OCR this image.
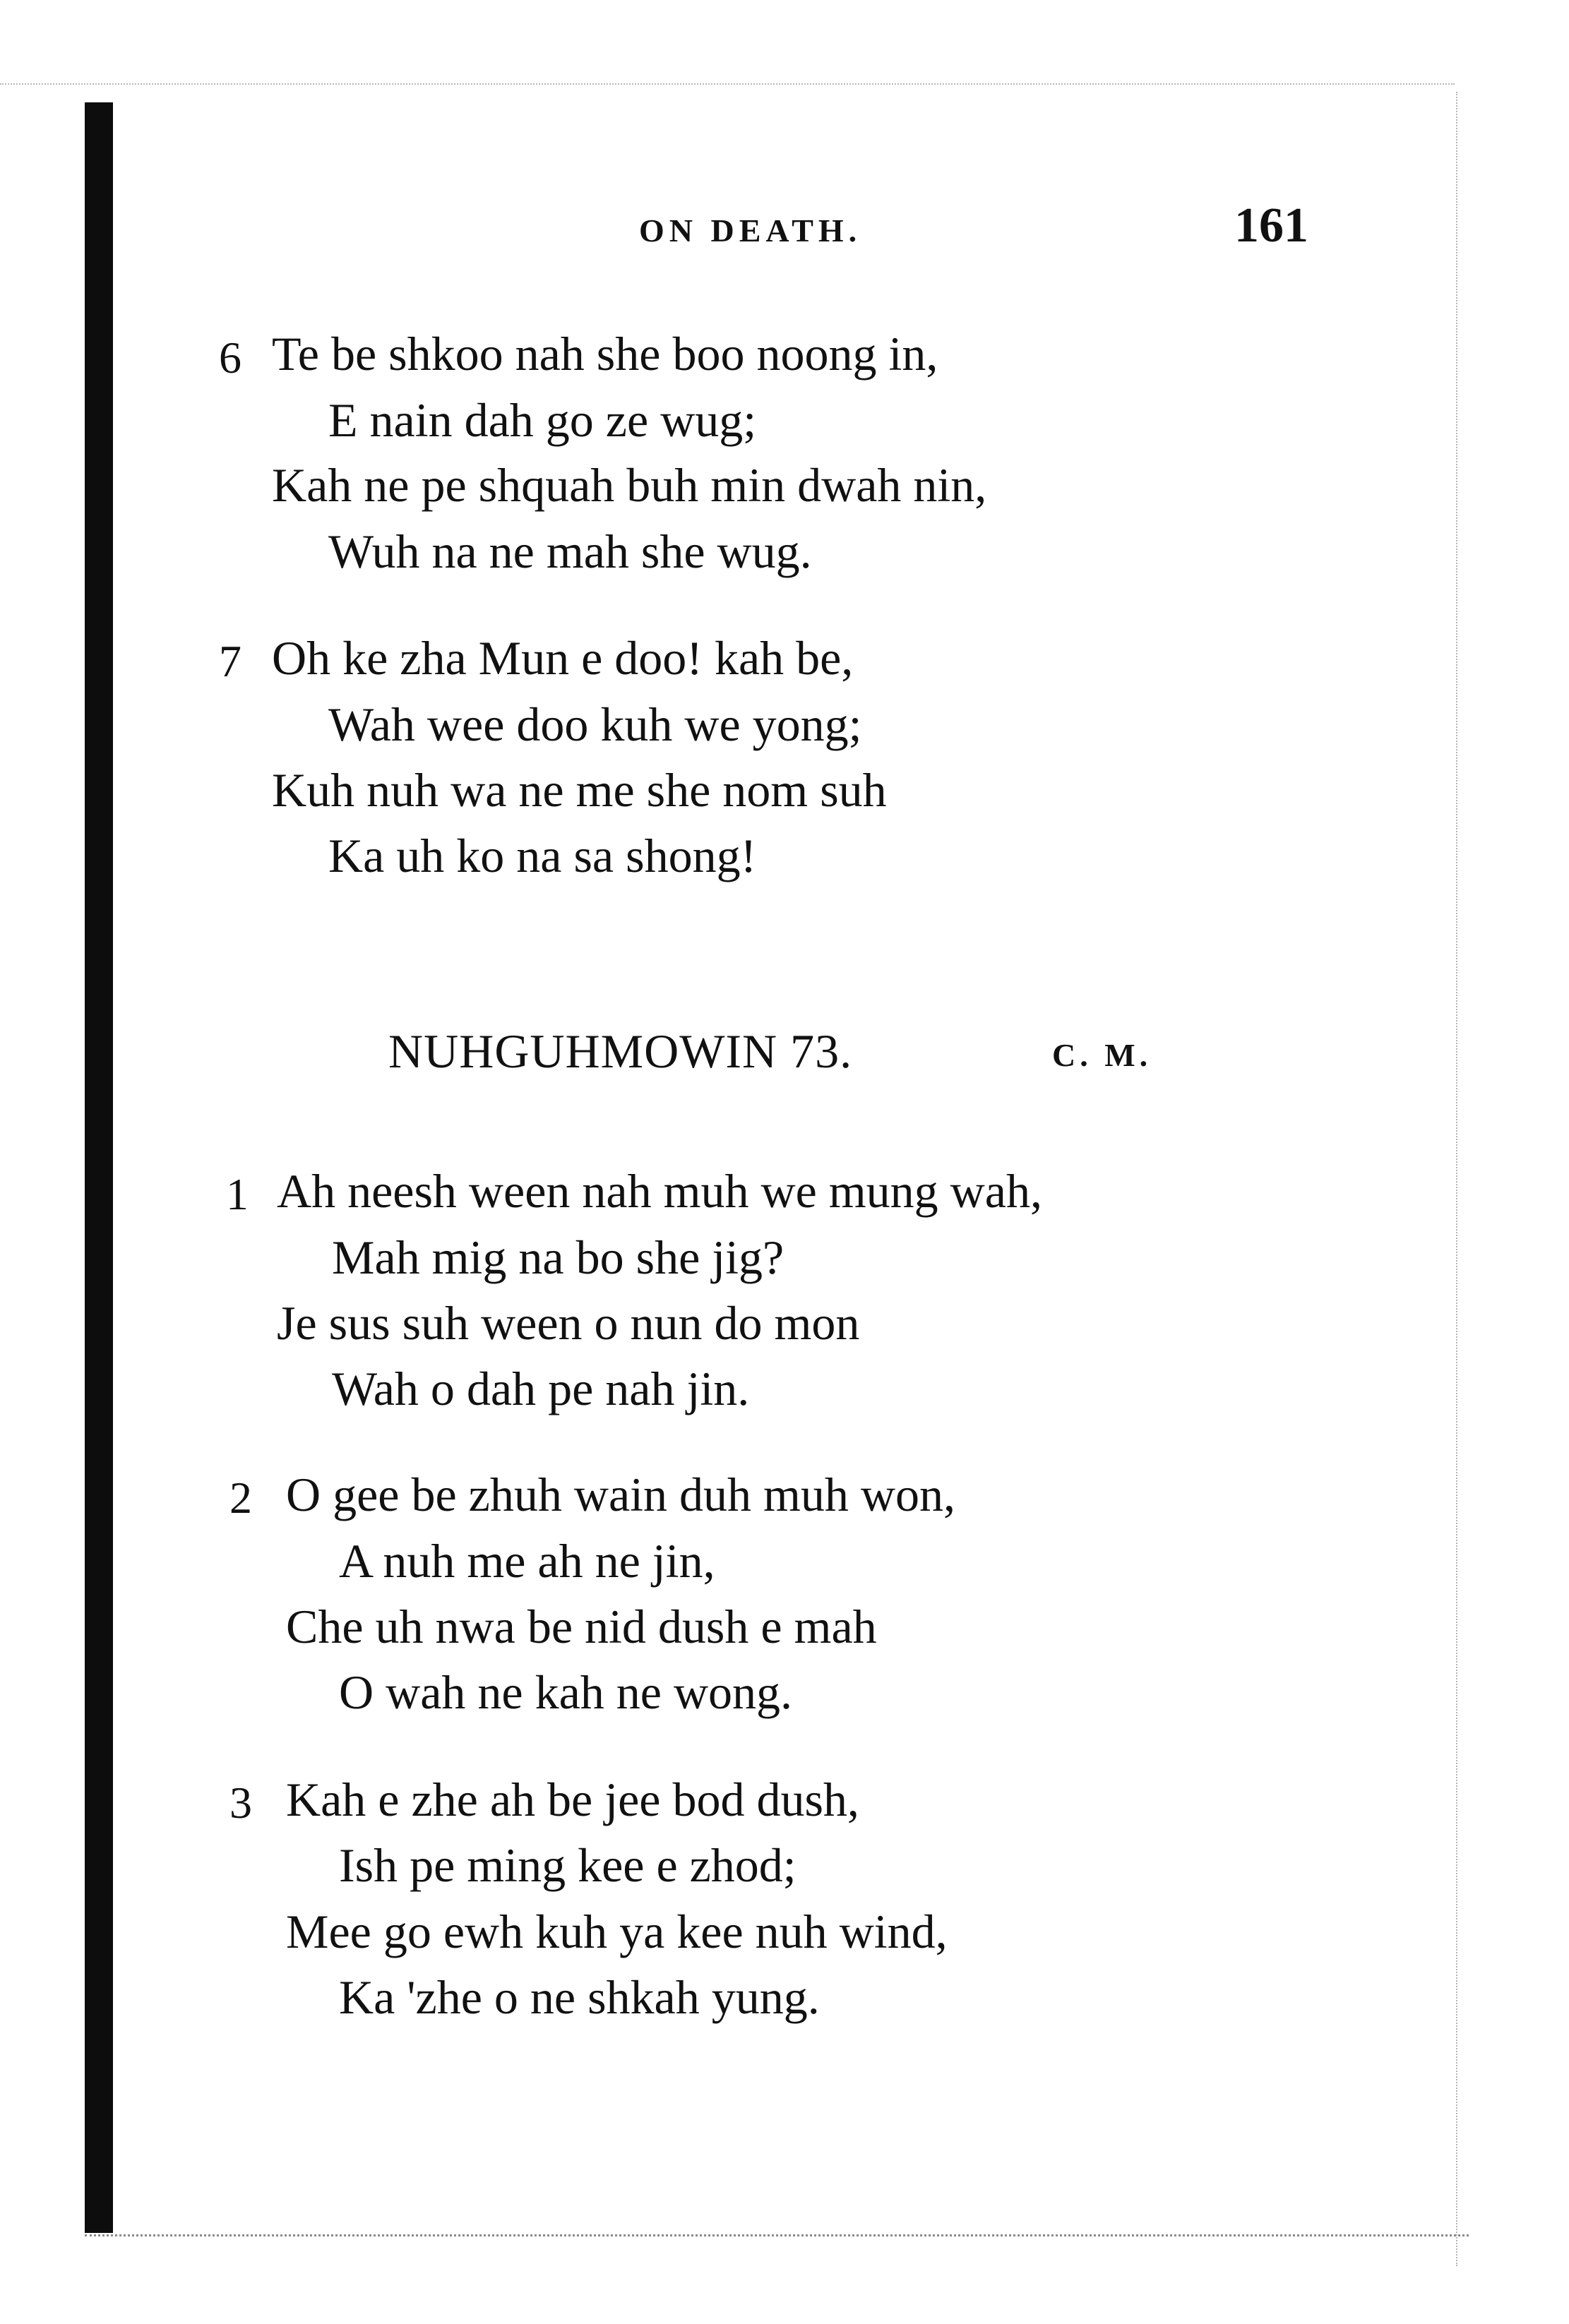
ON DEATH.	161
6 Te be shkoo nah she boo noong in,
E nain dah go ze wug;
Kah ne pe shquah buh min dwah nin,
Wuh na ne mah she wug.
7 Oh ke zha Mun e doo! kah be,
Wah wee doo kuh we yong;
Kuh nuh wa ne me she nom suh
Ka uh ko na sa shong!
NUHGUHMOWIN 73.	C. M.
1 Ah neesh ween nah muh we mung wah,
Mah mig na bo she jig?
Je sus suh ween o nun do mon
Wah o dah pe nah jin.
2 O gee be zhuh wain duh muh won,
A nuh me ah ne jin,
Che uh nwa be nid dush e mah
O wah ne kah ne wong.
3 Kah e zhe ah be jee bod dush,
Ish pe ming kee e zhod;
Mee go ewh kuh ya kee nuh wind,
Ka 'zhe o ne shkah yung.
